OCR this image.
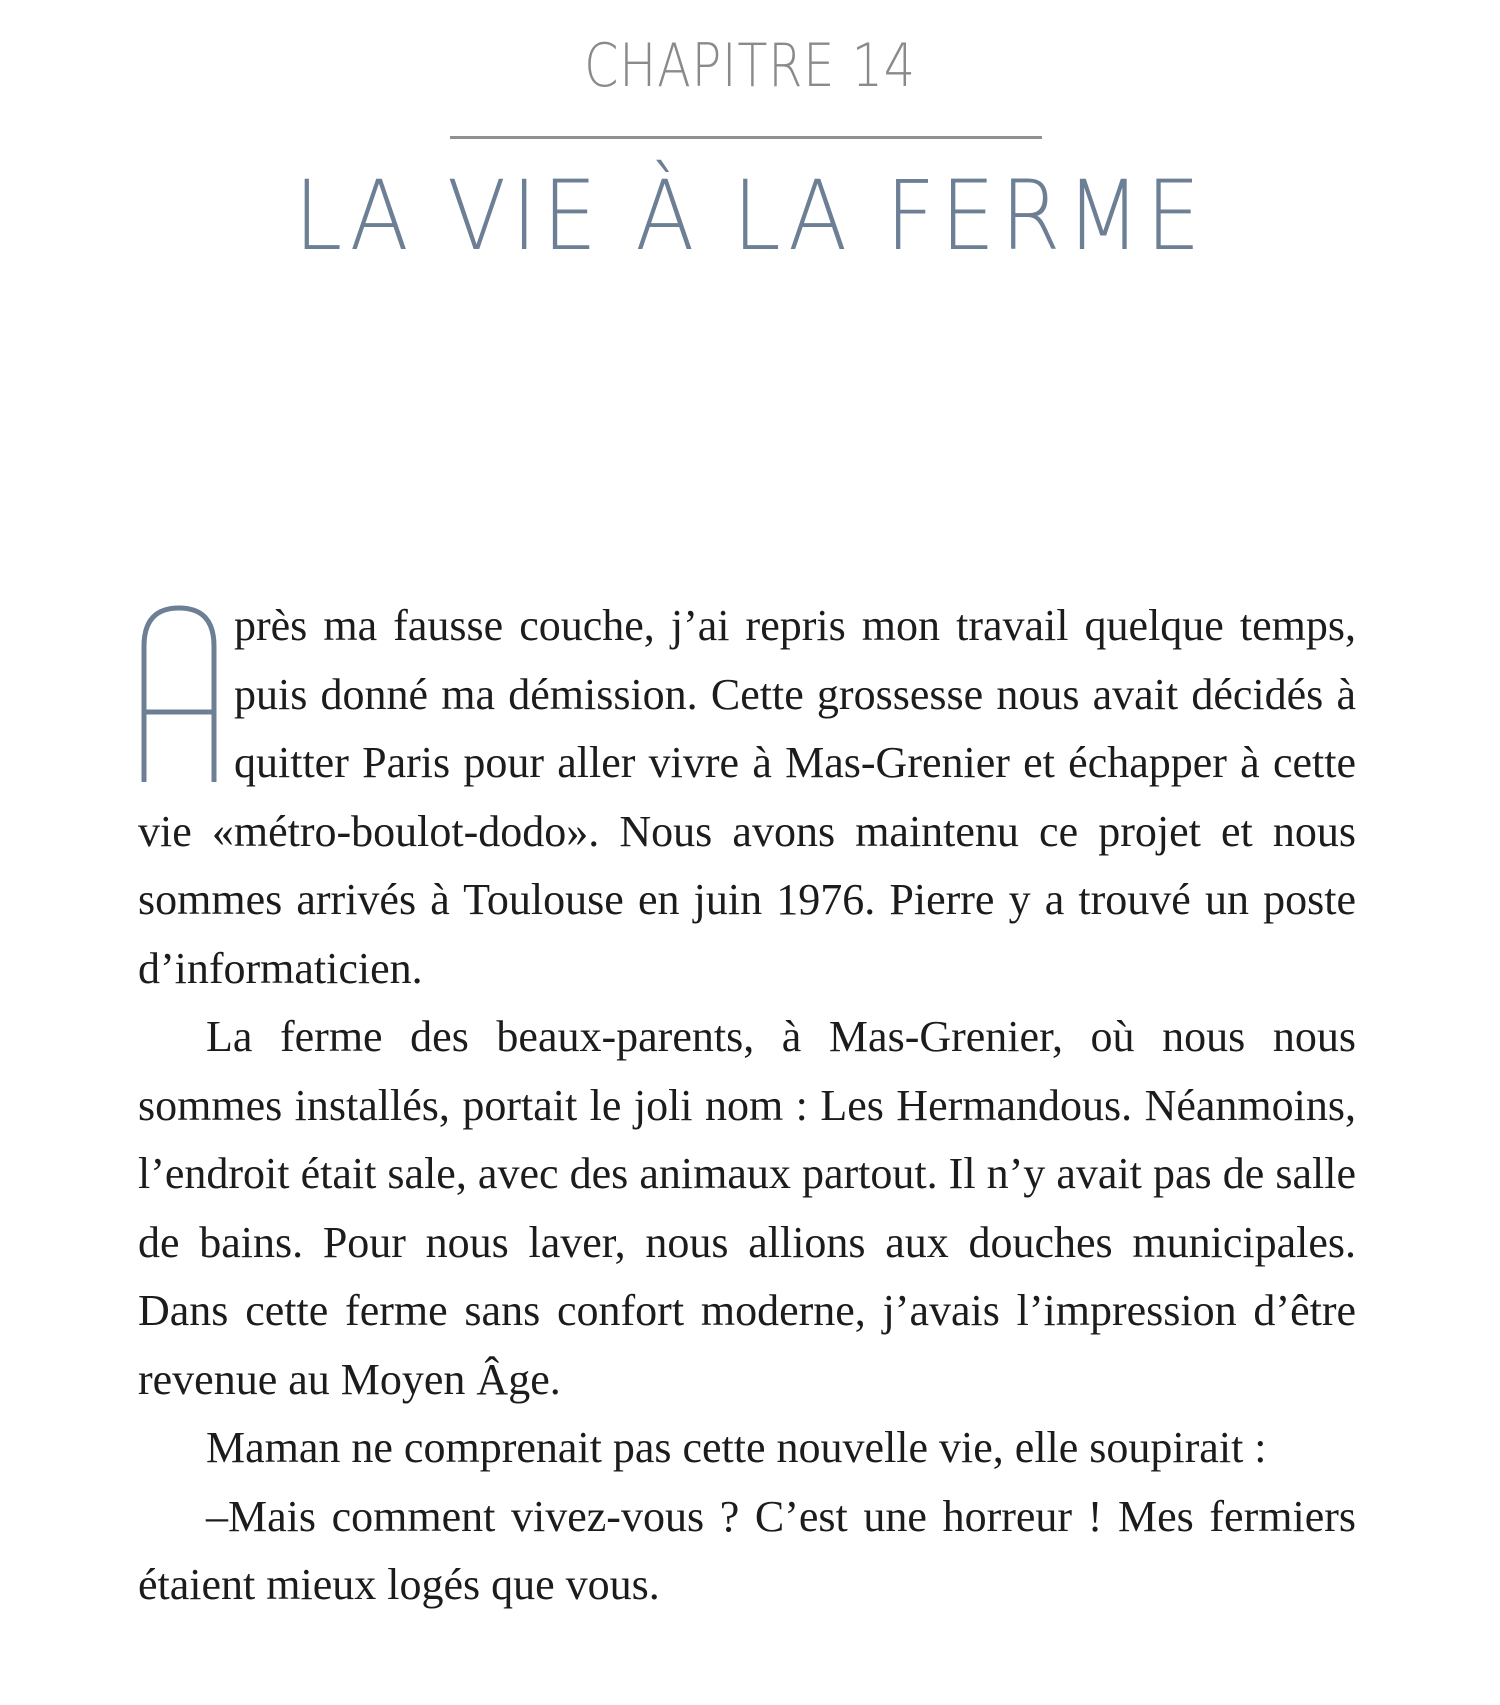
CHAPITRE 14
LA VIE À LA FERME

près ma fausse couche, j’ai repris mon travail quelque temps, puis donné ma démission. Cette grossesse nous avait décidés à quitter Paris pour aller vivre à Mas-Grenier et échapper à cette vie «métro-boulot-dodo». Nous avons maintenu ce projet et nous sommes arrivés à Toulouse en juin 1976. Pierre y a trouvé un poste d’informaticien.

La ferme des beaux-parents, à Mas-Grenier, où nous nous sommes installés, portait le joli nom : Les Hermandous. Néanmoins, l’endroit était sale, avec des animaux partout. Il n’y avait pas de salle de bains. Pour nous laver, nous allions aux douches municipales. Dans cette ferme sans confort moderne, j’avais l’impression d’être revenue au Moyen Âge.

Maman ne comprenait pas cette nouvelle vie, elle soupirait :

–Mais comment vivez-vous ? C’est une horreur ! Mes fermiers étaient mieux logés que vous.
